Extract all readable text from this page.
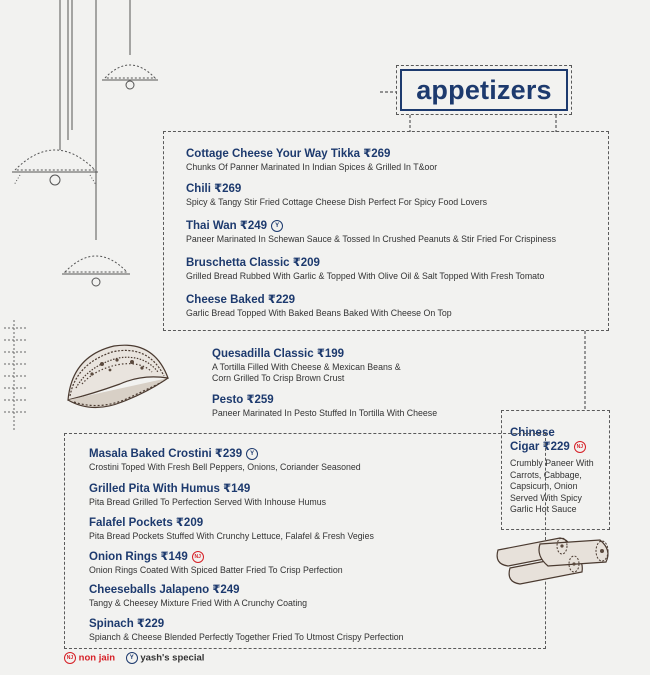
appetizers
Cottage Cheese Your Way Tikka ₹269
Chunks Of Panner Marinated In Indian Spices & Grilled In T&oor
Chili ₹269
Spicy & Tangy Stir Fried Cottage Cheese Dish Perfect For Spicy Food Lovers
Thai Wan ₹249 Y
Paneer Marinated In Schewan Sauce & Tossed In Crushed Peanuts & Stir Fried For Crispiness
Bruschetta Classic ₹209
Grilled Bread Rubbed With Garlic & Topped With Olive Oil & Salt Topped With Fresh Tomato
Cheese Baked ₹229
Garlic Bread Topped With Baked Beans Baked With Cheese On Top
Quesadilla Classic ₹199
A Tortilla Filled With Cheese & Mexican Beans &
Corn Grilled To Crisp Brown Crust
Pesto ₹259
Paneer Marinated In Pesto Stuffed In Tortilla With Cheese
Chinese
Cigar ₹229 NJ
Crumbly Paneer With
Carrots, Cabbage,
Capsicum, Onion
Served With Spicy
Garlic Hot Sauce
Masala Baked Crostini ₹239 Y
Crostini Toped With Fresh Bell Peppers, Onions, Coriander Seasoned
Grilled Pita With Humus ₹149
Pita Bread Grilled To Perfection Served With Inhouse Humus
Falafel Pockets ₹209
Pita Bread Pockets Stuffed With Crunchy Lettuce, Falafel & Fresh Vegies
Onion Rings ₹149 NJ
Onion Rings Coated With Spiced Batter Fried To Crisp Perfection
Cheeseballs Jalapeno ₹249
Tangy & Cheesey Mixture Fried With A Crunchy Coating
Spinach ₹229
Spianch & Cheese Blended Perfectly Together Fried To Utmost Crispy Perfection
NJ non jain Y yash's special
